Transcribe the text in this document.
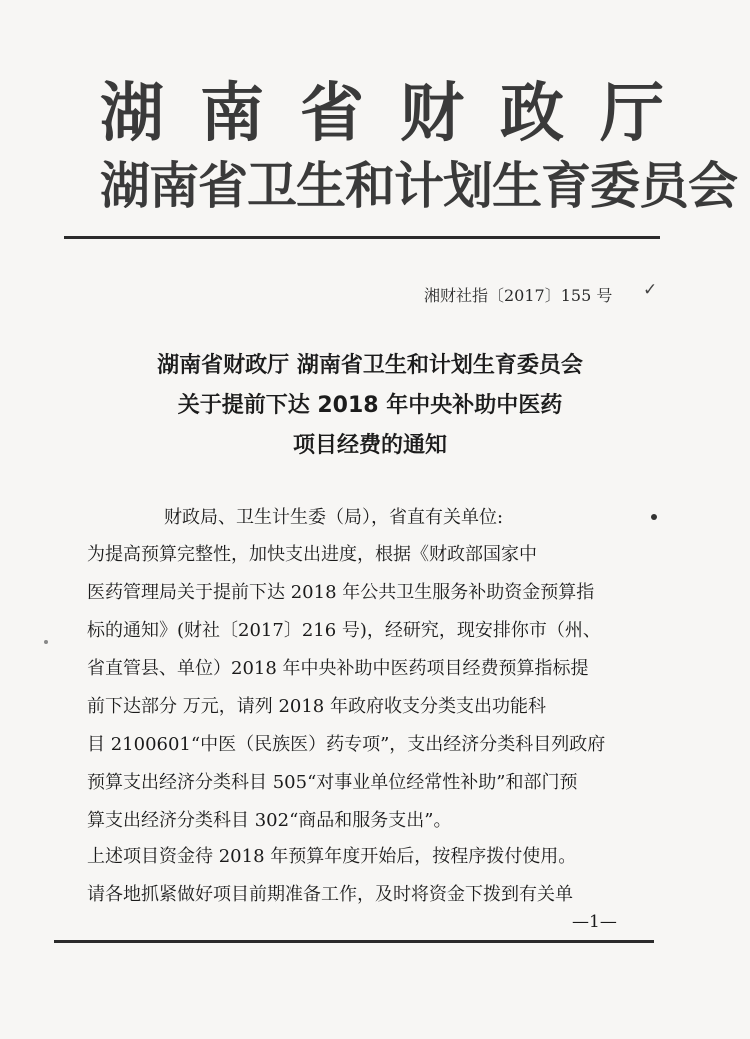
湖南省财政厅
湖南省卫生和计划生育委员会
湘财社指〔2017〕155 号 ✓
湖南省财政厅 湖南省卫生和计划生育委员会
关于提前下达 2018 年中央补助中医药
项目经费的通知
财政局、卫生计生委（局），省直有关单位:
为提高预算完整性，加快支出进度，根据《财政部国家中
医药管理局关于提前下达 2018 年公共卫生服务补助资金预算指
标的通知》(财社〔2017〕216 号)，经研究，现安排你市（州、
省直管县、单位）2018 年中央补助中医药项目经费预算指标提
前下达部分 万元，请列 2018 年政府收支分类支出功能科
目 2100601“中医（民族医）药专项”，支出经济分类科目列政府
预算支出经济分类科目 505“对事业单位经常性补助”和部门预
算支出经济分类科目 302“商品和服务支出”。
上述项目资金待 2018 年预算年度开始后，按程序拨付使用。
请各地抓紧做好项目前期准备工作，及时将资金下拨到有关单
—1—
